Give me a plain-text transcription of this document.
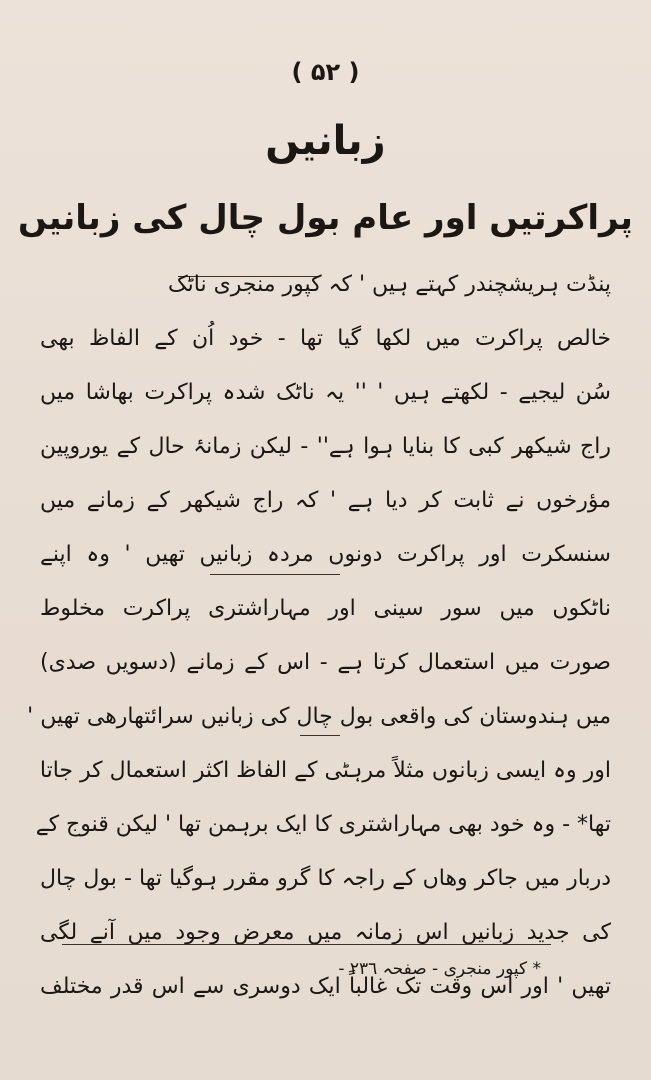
( ۵۲ )
زبانیں
پراکرتیں اور عام بول چال کی زبانیں
پنڈت ہریشچندر کہتے ہیں ' کہ کپور منجری ناٹک
خالص پراکرت میں لکھا گیا تھا - خود اُن کے الفاظ بھی
سُن لیجیے - لکھتے ہیں ' '' یہ ناٹک شدہ پراکرت بھاشا میں
راج شیکھر کبی کا بنایا ہوا ہے'' - لیکن زمانۂ حال کے یوروپین
مؤرخوں نے ثابت کر دیا ہے ' کہ راج شیکھر کے زمانے میں
سنسکرت اور پراکرت دونوں مردہ زبانیں تھیں ' وہ اپنے
ناٹکوں میں سور سینی اور مہاراشتری پراکرت مخلوط
صورت میں استعمال کرتا ہے - اس کے زمانے (دسویں صدی)
میں ہندوستان کی واقعی بول چال کی زبانیں سرائتھارھی تھیں '
اور وہ ایسی زبانوں مثلاً مرہٹی کے الفاظ اکثر استعمال کر جاتا
تھا* - وہ خود بھی مہاراشتری کا ایک برہمن تھا ' لیکن قنوج کے
دربار میں جاکر وھاں کے راجہ کا گرو مقرر ہوگیا تھا - بول چال
کی جدید زبانیں اس زمانہ میں معرض وجود میں آنے لگی
تھیں ' اور اس وقت تک غالباً ایک دوسری سے اس قدر مختلف
* کپور منجری - صفحہ ۲۳٦ -
